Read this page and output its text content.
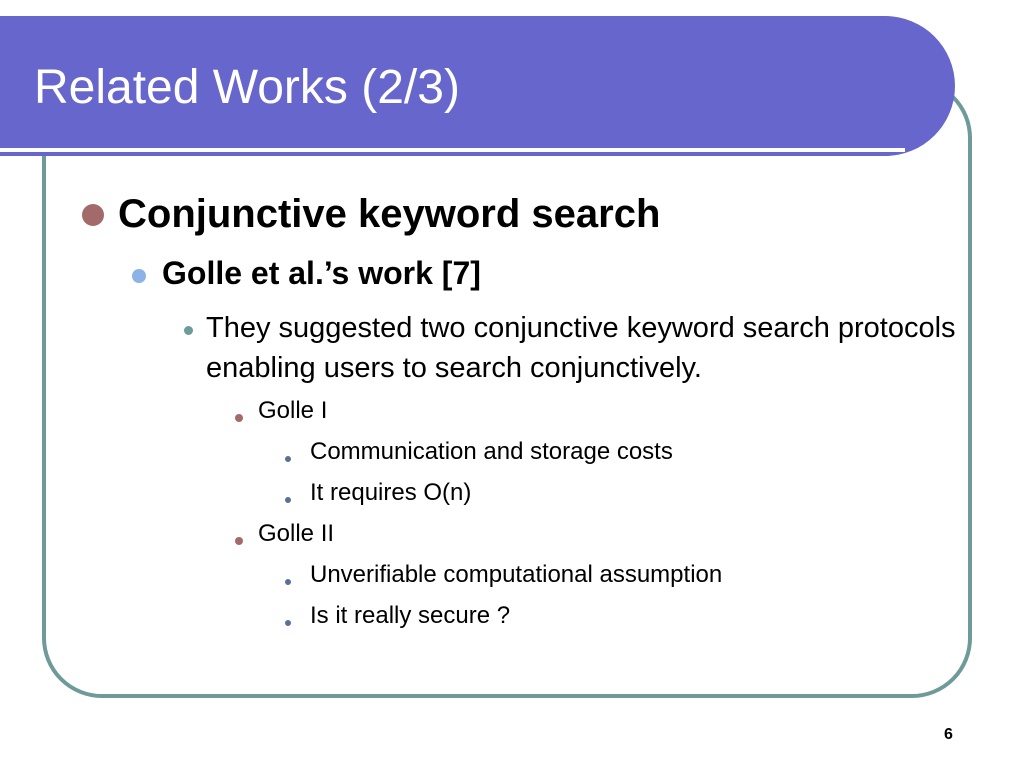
Related Works (2/3)

Conjunctive keyword search

Golle et al.’s work [7]

They suggested two conjunctive keyword search protocols enabling users to search conjunctively.

Golle I

Communication and storage costs

It requires O(n)

Golle II

Unverifiable computational assumption

Is it really secure ?

6
